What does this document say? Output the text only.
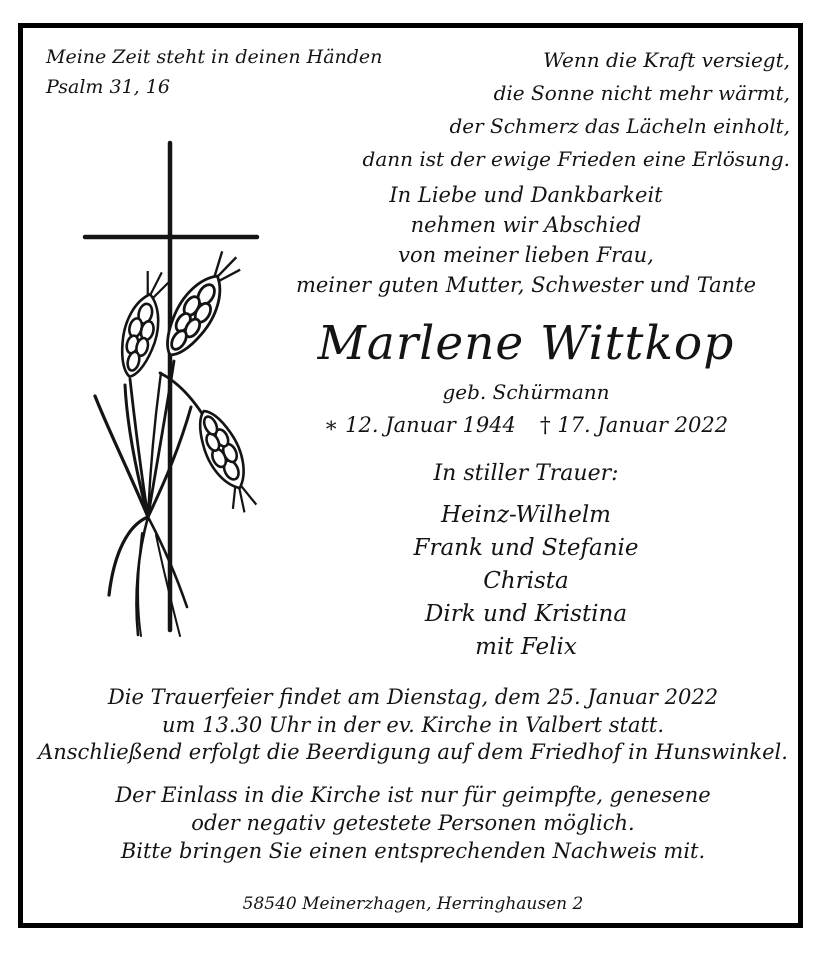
Meine Zeit steht in deinen Händen
Psalm 31, 16
Wenn die Kraft versiegt,
die Sonne nicht mehr wärmt,
der Schmerz das Lächeln einholt,
dann ist der ewige Frieden eine Erlösung.
In Liebe und Dankbarkeit
nehmen wir Abschied
von meiner lieben Frau,
meiner guten Mutter, Schwester und Tante
Marlene Wittkop
geb. Schürmann
∗ 12. Januar 1944 † 17. Januar 2022
In stiller Trauer:
Heinz-Wilhelm
Frank und Stefanie
Christa
Dirk und Kristina
mit Felix
Die Trauerfeier findet am Dienstag, dem 25. Januar 2022
um 13.30 Uhr in der ev. Kirche in Valbert statt.
Anschließend erfolgt die Beerdigung auf dem Friedhof in Hunswinkel.
Der Einlass in die Kirche ist nur für geimpfte, genesene
oder negativ getestete Personen möglich.
Bitte bringen Sie einen entsprechenden Nachweis mit.
58540 Meinerzhagen, Herringhausen 2
